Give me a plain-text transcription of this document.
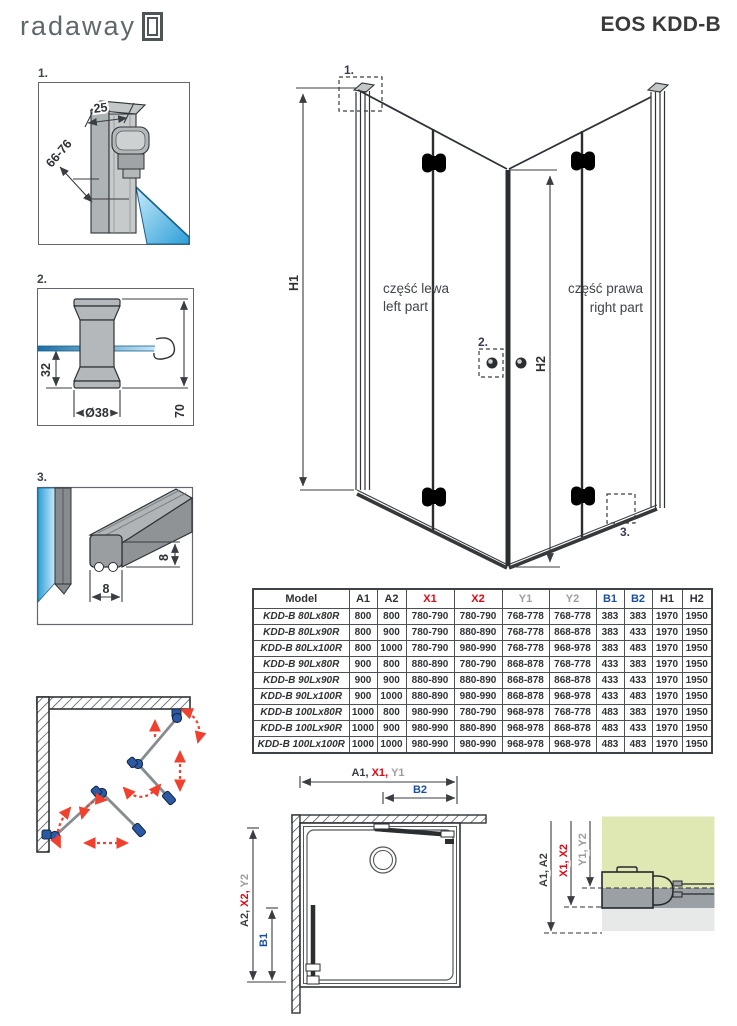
radaway	EOS KDD-B
1.
25
66-76
2.
32
Ø38	70
3.
8
8
H1
1.
2.
3.
część lewa
left part
część prawa
right part
H2
A1, X1, Y1
B2
A2,X2,Y2
B1
A1, A2 X1, X2 Y1, Y2
Model	A1	A2	X1	X2	Y1	Y2	B1	B2	H1	H2
KDD-B 80Lx80R	800	800	780-790	780-790	768-778	768-778	383	383	1970	1950
KDD-B 80Lx90R	800	900	780-790	880-890	768-778	868-878	383	433	1970	1950
KDD-B 80Lx100R	800	1000	780-790	980-990	768-778	968-978	383	483	1970	1950
KDD-B 90Lx80R	900	800	880-890	780-790	868-878	768-778	433	383	1970	1950
KDD-B 90Lx90R	900	900	880-890	880-890	868-878	868-878	433	433	1970	1950
KDD-B 90Lx100R	900	1000	880-890	980-990	868-878	968-978	433	483	1970	1950
KDD-B 100Lx80R	1000	800	980-990	780-790	968-978	768-778	483	383	1970	1950
KDD-B 100Lx90R	1000	900	980-990	880-890	968-978	868-878	483	433	1970	1950
KDD-B 100Lx100R	1000	1000	980-990	980-990	968-978	968-978	483	483	1970	1950
